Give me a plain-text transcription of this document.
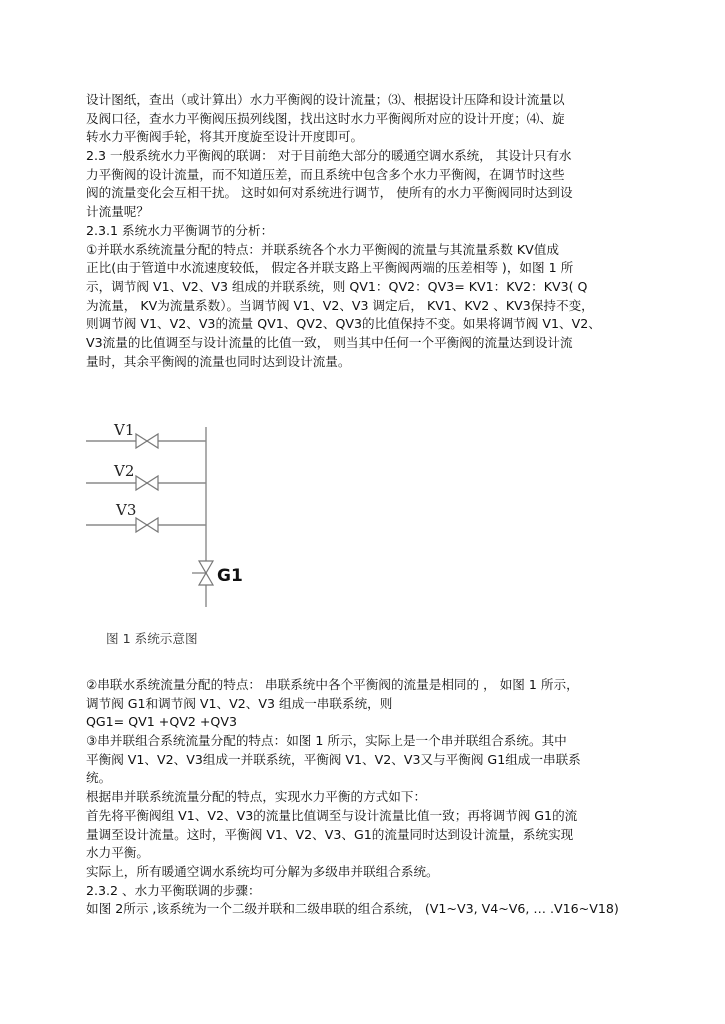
设计图纸，查出（或计算出）水力平衡阀的设计流量；⑶、根据设计压降和设计流量以
及阀口径，查水力平衡阀压损列线图，找出这时水力平衡阀所对应的设计开度；⑷、旋
转水力平衡阀手轮，将其开度旋至设计开度即可。
2.3 一般系统水力平衡阀的联调： 对于目前绝大部分的暖通空调水系统， 其设计只有水
力平衡阀的设计流量，而不知道压差，而且系统中包含多个水力平衡阀，在调节时这些
阀的流量变化会互相干扰。 这时如何对系统进行调节， 使所有的水力平衡阀同时达到设
计流量呢？
2.3.1 系统水力平衡调节的分析：
①并联水系统流量分配的特点：并联系统各个水力平衡阀的流量与其流量系数 KV值成
正比(由于管道中水流速度较低， 假定各并联支路上平衡阀两端的压差相等 )，如图 1 所
示，调节阀 V1、V2、V3 组成的并联系统，则 QV1：QV2：QV3= KV1：KV2：KV3( Q
为流量， KV为流量系数）。当调节阀 V1、V2、V3 调定后， KV1、KV2 、KV3保持不变，
则调节阀 V1、V2、V3的流量 QV1、QV2、QV3的比值保持不变。如果将调节阀 V1、V2、
V3流量的比值调至与设计流量的比值一致， 则当其中任何一个平衡阀的流量达到设计流
量时，其余平衡阀的流量也同时达到设计流量。
V1
V2
V3
G1
图 1 系统示意图
②串联水系统流量分配的特点： 串联系统中各个平衡阀的流量是相同的 ， 如图 1 所示，
调节阀 G1和调节阀 V1、V2、V3 组成一串联系统，则
QG1= QV1 +QV2 +QV3
③串并联组合系统流量分配的特点：如图 1 所示，实际上是一个串并联组合系统。其中
平衡阀 V1、V2、V3组成一并联系统，平衡阀 V1、V2、V3又与平衡阀 G1组成一串联系
统。
根据串并联系统流量分配的特点，实现水力平衡的方式如下：
首先将平衡阀组 V1、V2、V3的流量比值调至与设计流量比值一致；再将调节阀 G1的流
量调至设计流量。这时，平衡阀 V1、V2、V3、G1的流量同时达到设计流量，系统实现
水力平衡。
实际上，所有暖通空调水系统均可分解为多级串并联组合系统。
2.3.2 、水力平衡联调的步骤：
如图 2所示 ,该系统为一个二级并联和二级串联的组合系统， (V1~V3, V4~V6, … .V16~V18)
